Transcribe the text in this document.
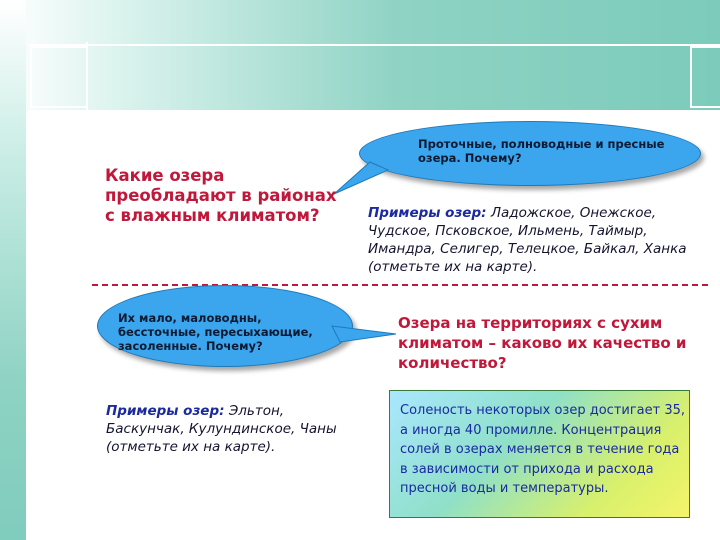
Проточные, полноводные и пресные озера. Почему?
Какие озера преобладают в районах с влажным климатом?	Примеры озер: Ладожское, Онежское, Чудское, Псковское, Ильмень, Таймыр, Имандра, Селигер, Телецкое, Байкал, Ханка (отметьте их на карте).
Их мало, маловодны, бессточные, пересыхающие, засоленные. Почему?
Озера на территориях с сухим климатом – каково их качество и количество?
Примеры озер: Эльтон, Баскунчак, Кулундинское, Чаны (отметьте их на карте).
Соленость некоторых озер достигает 35, а иногда 40 промилле. Концентрация солей в озерах меняется в течение года в зависимости от прихода и расхода пресной воды и температуры.
